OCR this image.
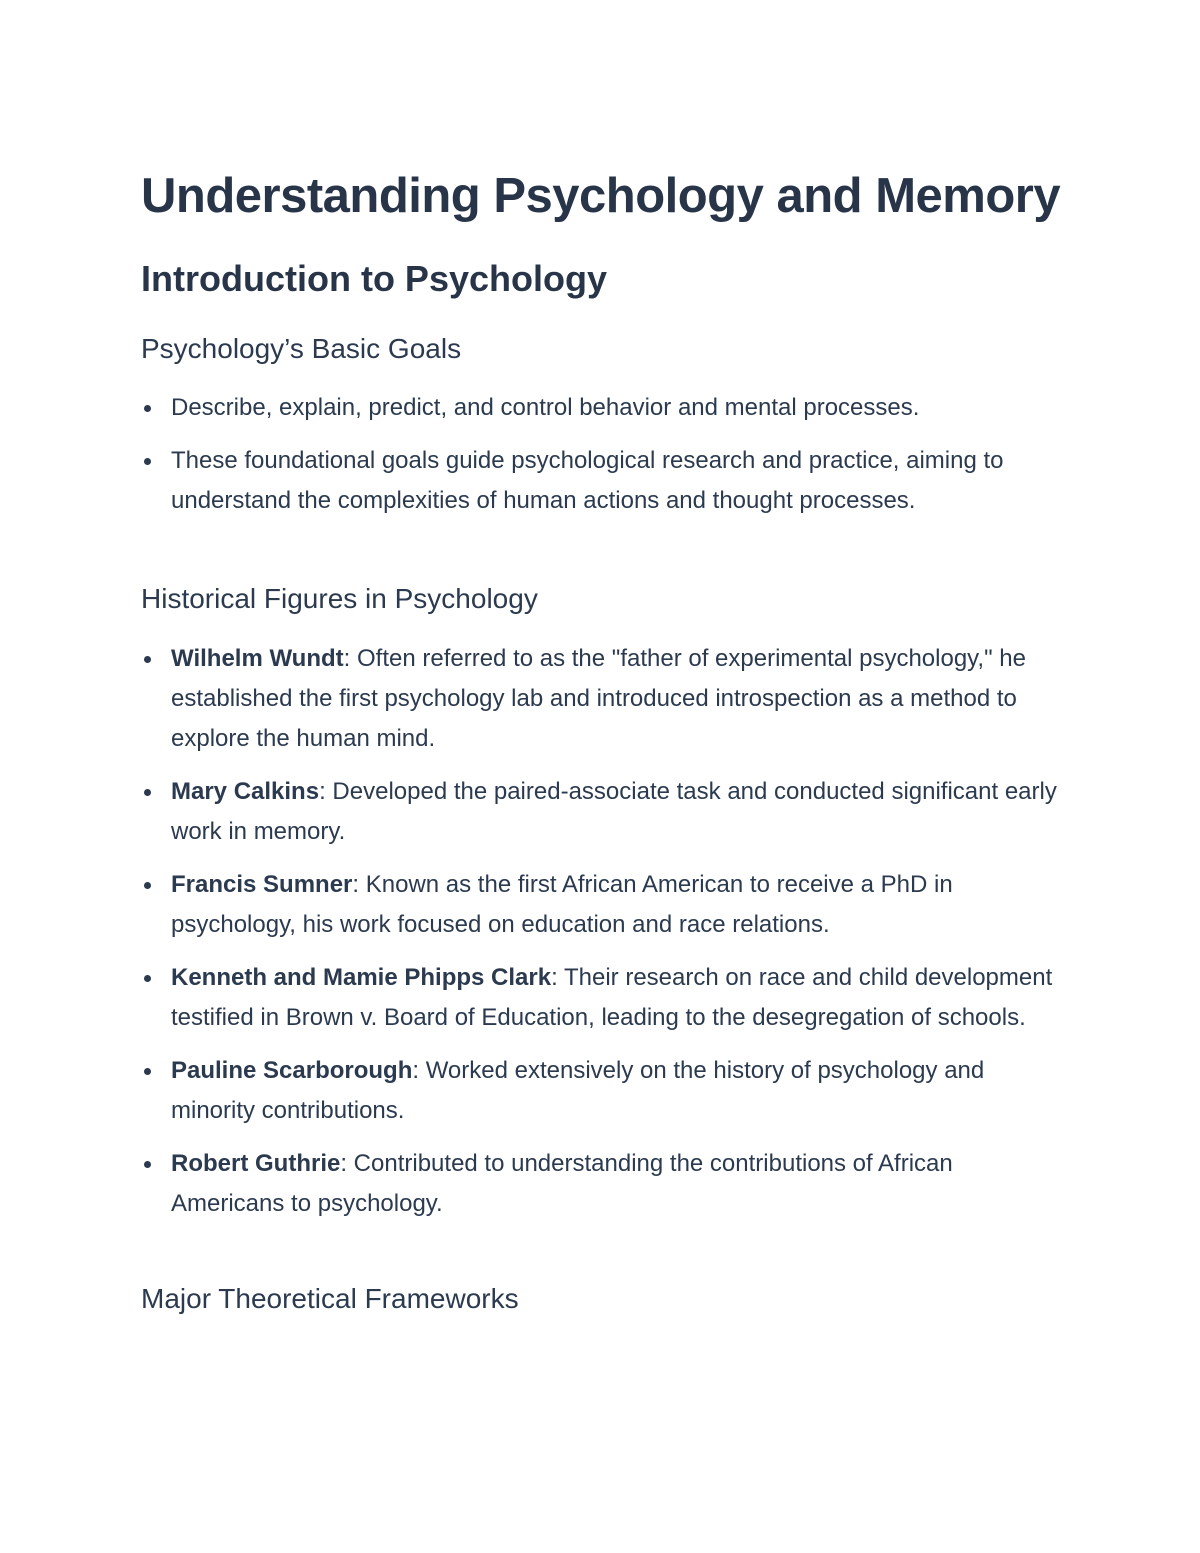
Understanding Psychology and Memory
Introduction to Psychology
Psychology’s Basic Goals
Describe, explain, predict, and control behavior and mental processes.
These foundational goals guide psychological research and practice, aiming to understand the complexities of human actions and thought processes.
Historical Figures in Psychology
Wilhelm Wundt: Often referred to as the "father of experimental psychology," he established the first psychology lab and introduced introspection as a method to explore the human mind.
Mary Calkins: Developed the paired-associate task and conducted significant early work in memory.
Francis Sumner: Known as the first African American to receive a PhD in psychology, his work focused on education and race relations.
Kenneth and Mamie Phipps Clark: Their research on race and child development testified in Brown v. Board of Education, leading to the desegregation of schools.
Pauline Scarborough: Worked extensively on the history of psychology and minority contributions.
Robert Guthrie: Contributed to understanding the contributions of African Americans to psychology.
Major Theoretical Frameworks
